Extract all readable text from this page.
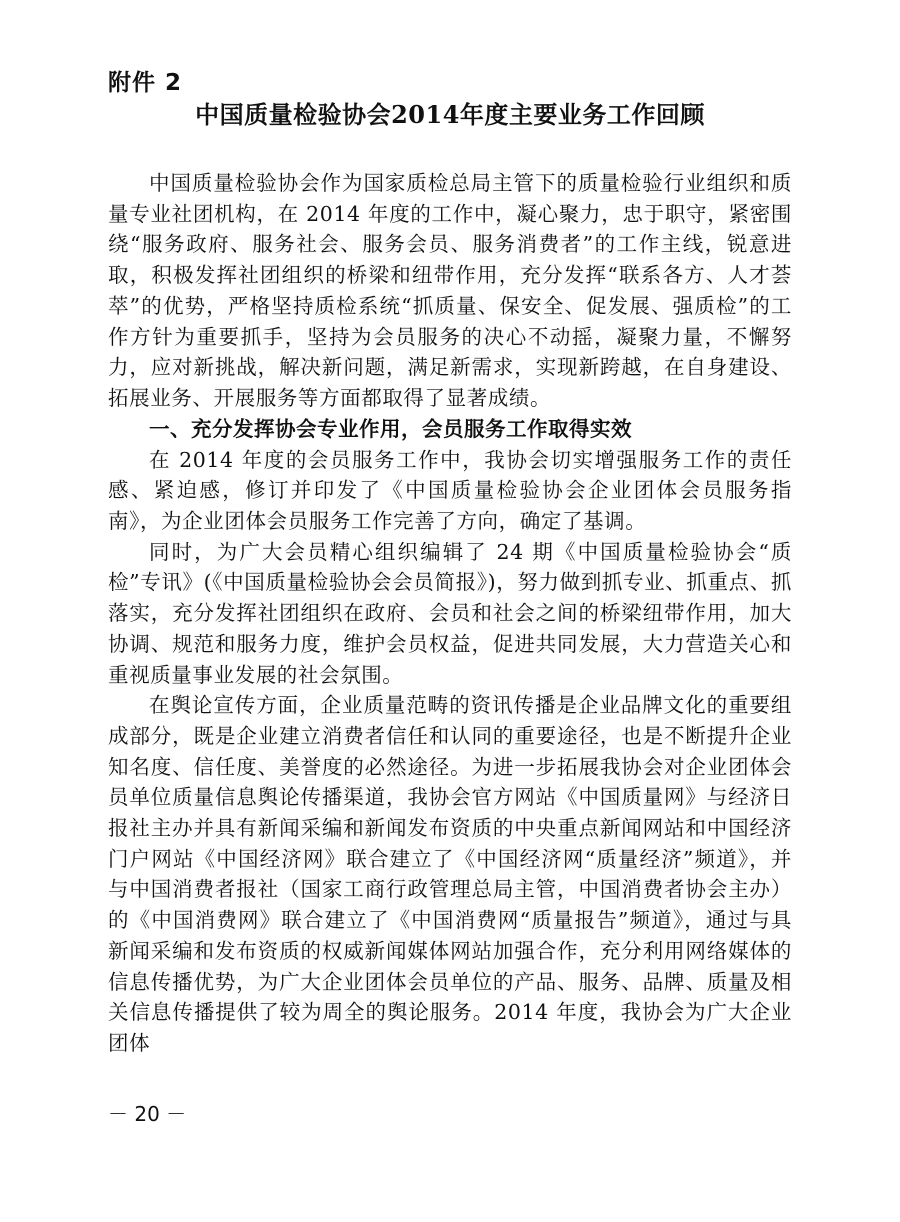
附件 2
中国质量检验协会2014年度主要业务工作回顾

中国质量检验协会作为国家质检总局主管下的质量检验行业组织和质量专业社团机构，在 2014 年度的工作中，凝心聚力，忠于职守，紧密围绕“服务政府、服务社会、服务会员、服务消费者”的工作主线，锐意进取，积极发挥社团组织的桥梁和纽带作用，充分发挥“联系各方、人才荟萃”的优势，严格坚持质检系统“抓质量、保安全、促发展、强质检”的工作方针为重要抓手，坚持为会员服务的决心不动摇，凝聚力量，不懈努力，应对新挑战，解决新问题，满足新需求，实现新跨越，在自身建设、拓展业务、开展服务等方面都取得了显著成绩。

一、充分发挥协会专业作用，会员服务工作取得实效

在 2014 年度的会员服务工作中，我协会切实增强服务工作的责任感、紧迫感，修订并印发了《中国质量检验协会企业团体会员服务指南》，为企业团体会员服务工作完善了方向，确定了基调。

同时，为广大会员精心组织编辑了 24 期《中国质量检验协会“质检”专讯》(《中国质量检验协会会员简报》)，努力做到抓专业、抓重点、抓落实，充分发挥社团组织在政府、会员和社会之间的桥梁纽带作用，加大协调、规范和服务力度，维护会员权益，促进共同发展，大力营造关心和重视质量事业发展的社会氛围。

在舆论宣传方面，企业质量范畴的资讯传播是企业品牌文化的重要组成部分，既是企业建立消费者信任和认同的重要途径，也是不断提升企业知名度、信任度、美誉度的必然途径。为进一步拓展我协会对企业团体会员单位质量信息舆论传播渠道，我协会官方网站《中国质量网》与经济日报社主办并具有新闻采编和新闻发布资质的中央重点新闻网站和中国经济门户网站《中国经济网》联合建立了《中国经济网“质量经济”频道》，并与中国消费者报社（国家工商行政管理总局主管，中国消费者协会主办）的《中国消费网》联合建立了《中国消费网“质量报告”频道》，通过与具新闻采编和发布资质的权威新闻媒体网站加强合作，充分利用网络媒体的信息传播优势，为广大企业团体会员单位的产品、服务、品牌、质量及相关信息传播提供了较为周全的舆论服务。2014 年度，我协会为广大企业团体

－ 20 －
